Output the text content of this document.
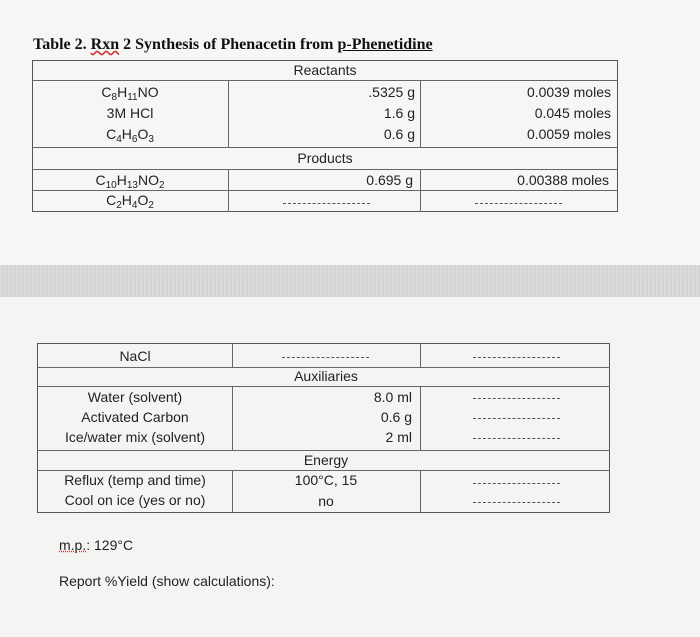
Table 2. Rxn 2 Synthesis of Phenacetin from p-Phenetidine
Reactants
$C_8H_{11}NO$	.5325 g	0.0039 moles
3M HCl	1.6 g	0.045 moles
$C_4H_6O_3$	0.6 g	0.0059 moles
Products
$C_{10}H_{13}NO_2$	0.695 g	0.00388 moles
$C_2H_4O_2$
NaCl
Auxiliaries
Water (solvent)	8.0 ml
Activated Carbon	0.6 g
Ice/water mix (solvent)	2 ml
Energy
Reflux (temp and time)	100°C, 15
Cool on ice (yes or no)	no
m.p.: 129°C
Report %Yield (show calculations):
